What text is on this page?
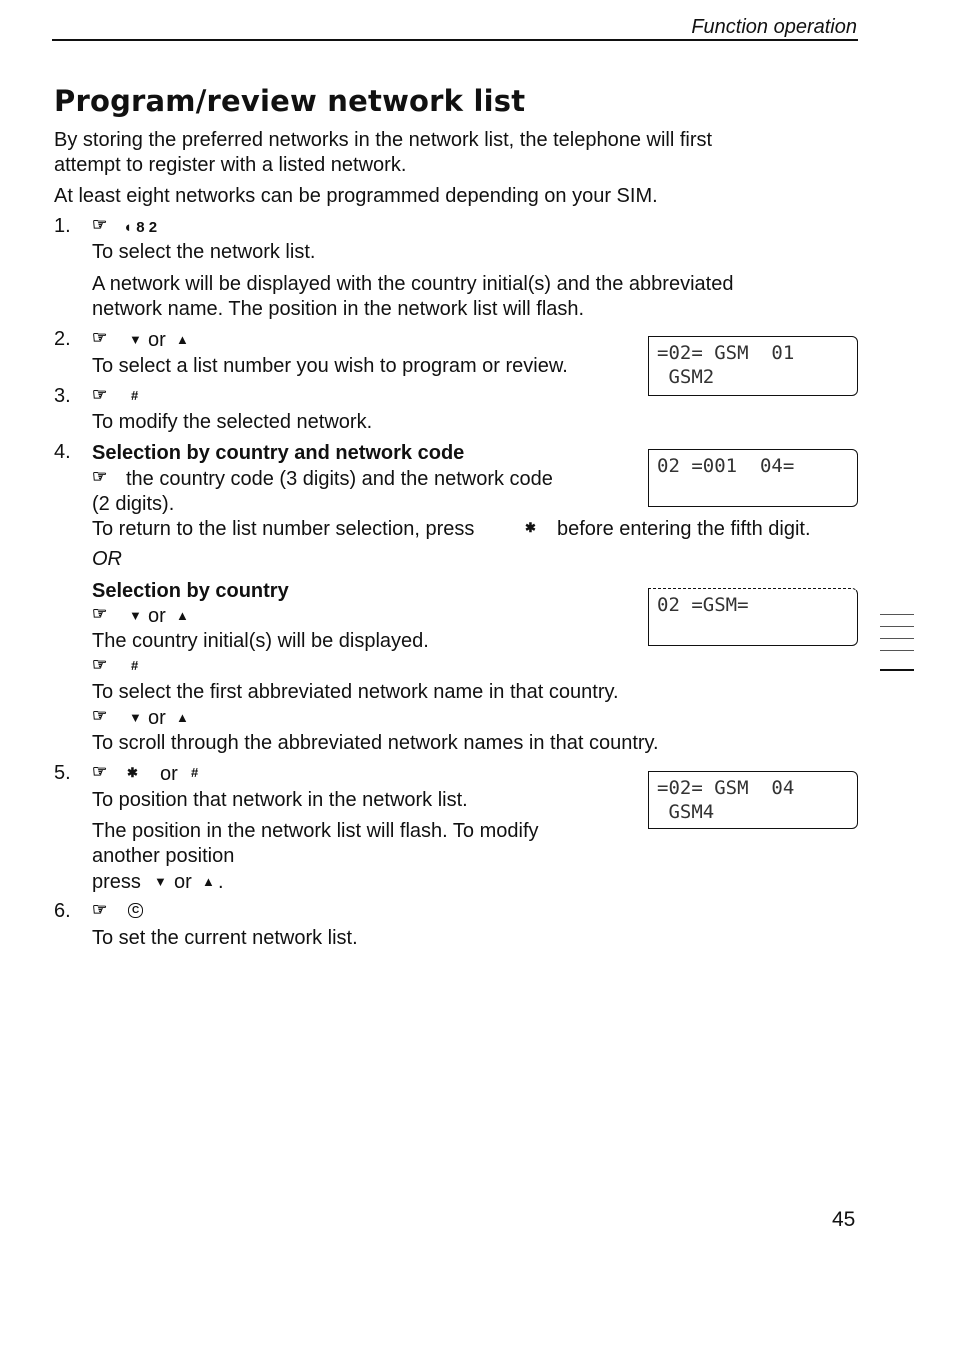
Function operation
Program/review network list
By storing the preferred networks in the network list, the telephone will first
attempt to register with a listed network.
At least eight networks can be programmed depending on your SIM.
1. ☞ ◖ 8 2
To select the network list.
A network will be displayed with the country initial(s) and the abbreviated
network name. The position in the network list will flash.
2. ☞ ▼ or ▲
To select a list number you wish to program or review.
=02= GSM  01
GSM2
3. ☞ #
To modify the selected network.
4. Selection by country and network code
☞ the country code (3 digits) and the network code
(2 digits).
02 =001  04=
To return to the list number selection, press	✱ before entering the fifth digit.
OR
Selection by country
☞ ▼ or ▲	02 =GSM=
The country initial(s) will be displayed.
☞ #
To select the first abbreviated network name in that country.
☞ ▼ or ▲
To scroll through the abbreviated network names in that country.
5. ☞ ✱ or #
To position that network in the network list.
=02= GSM  04
GSM4
The position in the network list will flash. To modify
another position
press ▼ or ▲ .
6. ☞	C
To set the current network list.
45
